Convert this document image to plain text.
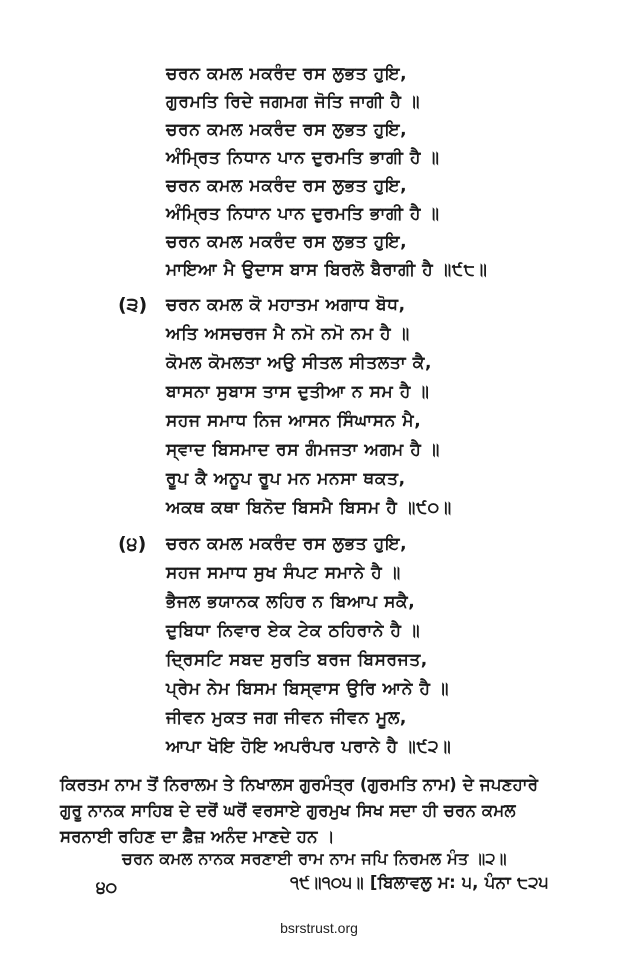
ਚਰਨ ਕਮਲ ਮਕਰੰਦ ਰਸ ਲੁਭਤ ਹੁਇ,
ਗੁਰਮਤਿ ਰਿਦੇ ਜਗਮਗ ਜੋਤਿ ਜਾਗੀ ਹੈ ॥
ਚਰਨ ਕਮਲ ਮਕਰੰਦ ਰਸ ਲੁਭਤ ਹੁਇ,
ਅੰਮ੍ਰਿਤ ਨਿਧਾਨ ਪਾਨ ਦੁਰਮਤਿ ਭਾਗੀ ਹੈ ॥
ਚਰਨ ਕਮਲ ਮਕਰੰਦ ਰਸ ਲੁਭਤ ਹੁਇ,
ਅੰਮ੍ਰਿਤ ਨਿਧਾਨ ਪਾਨ ਦੁਰਮਤਿ ਭਾਗੀ ਹੈ ॥
ਚਰਨ ਕਮਲ ਮਕਰੰਦ ਰਸ ਲੁਭਤ ਹੁਇ,
ਮਾਇਆ ਮੈ ਉਦਾਸ ਬਾਸ ਬਿਰਲੋ ਬੈਰਾਗੀ ਹੈ ॥੯੮॥
(੩) ਚਰਨ ਕਮਲ ਕੋ ਮਹਾਤਮ ਅਗਾਧ ਬੋਧ,
ਅਤਿ ਅਸਚਰਜ ਮੈ ਨਮੋ ਨਮੋ ਨਮ ਹੈ ॥
ਕੋਮਲ ਕੋਮਲਤਾ ਅਉ ਸੀਤਲ ਸੀਤਲਤਾ ਕੈ,
ਬਾਸਨਾ ਸੁਬਾਸ ਤਾਸ ਦੁਤੀਆ ਨ ਸਮ ਹੈ ॥
ਸਹਜ ਸਮਾਧ ਨਿਜ ਆਸਨ ਸਿੰਘਾਸਨ ਮੈ,
ਸ੍ਵਾਦ ਬਿਸਮਾਦ ਰਸ ਗੰਮਜਤਾ ਅਗਮ ਹੈ ॥
ਰੂਪ ਕੈ ਅਨੂਪ ਰੂਪ ਮਨ ਮਨਸਾ ਥਕਤ,
ਅਕਥ ਕਥਾ ਬਿਨੋਦ ਬਿਸਮੈ ਬਿਸਮ ਹੈ ॥੯੦॥
(੪) ਚਰਨ ਕਮਲ ਮਕਰੰਦ ਰਸ ਲੁਭਤ ਹੁਇ,
ਸਹਜ ਸਮਾਧ ਸੁਖ ਸੰਪਟ ਸਮਾਨੇ ਹੈ ॥
ਭੈਜਲ ਭਯਾਨਕ ਲਹਿਰ ਨ ਬਿਆਪ ਸਕੈ,
ਦੁਬਿਧਾ ਨਿਵਾਰ ਏਕ ਟੇਕ ਠਹਿਰਾਨੇ ਹੈ ॥
ਦ੍ਰਿਸਟਿ ਸਬਦ ਸੁਰਤਿ ਬਰਜ ਬਿਸਰਜਤ,
ਪ੍ਰੇਮ ਨੇਮ ਬਿਸਮ ਬਿਸ੍ਵਾਸ ਉਰਿ ਆਨੇ ਹੈ ॥
ਜੀਵਨ ਮੁਕਤ ਜਗ ਜੀਵਨ ਜੀਵਨ ਮੂਲ,
ਆਪਾ ਖੋਇ ਹੋਇ ਅਪਰੰਪਰ ਪਰਾਨੇ ਹੈ ॥੯੨॥
ਕਿਰਤਮ ਨਾਮ ਤੋਂ ਨਿਰਾਲਮ ਤੇ ਨਿਖਾਲਸ ਗੁਰਮੰਤ੍ਰ (ਗੁਰਮਤਿ ਨਾਮ) ਦੇ ਜਪਣਹਾਰੇ
ਗੁਰੂ ਨਾਨਕ ਸਾਹਿਬ ਦੇ ਦਰੋਂ ਘਰੋਂ ਵਰਸਾਏ ਗੁਰਮੁਖ ਸਿਖ ਸਦਾ ਹੀ ਚਰਨ ਕਮਲ
ਸਰਨਾਈ ਰਹਿਣ ਦਾ ਫ਼ੈਜ਼ ਅਨੰਦ ਮਾਣਦੇ ਹਨ ।
ਚਰਨ ਕਮਲ ਨਾਨਕ ਸਰਣਾਈ ਰਾਮ ਨਾਮ ਜਪਿ ਨਿਰਮਲ ਮੰਤ ॥੨॥
੧੯॥੧੦੫॥ [ਬਿਲਾਵਲੁ ਮ: ੫, ਪੰਨਾ ੮੨੫
੪੦
bsrstrust.org
